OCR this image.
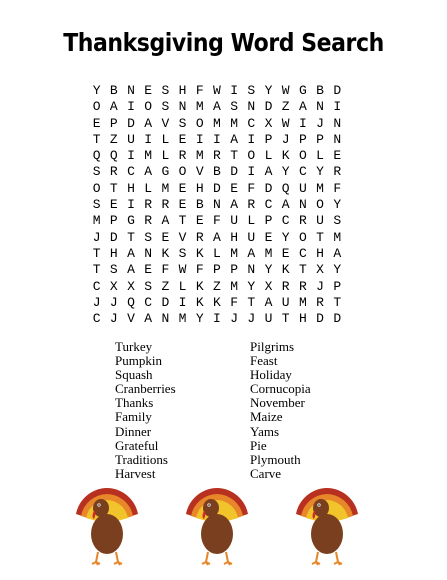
Thanksgiving Word Search
Y B N E S H F W I S Y W G B D
O A I O S N M A S N D Z A N I
E P D A V S O M M C X W I J N
T Z U I L E I I A I P J P P N
Q Q I M L R M R T O L K O L E
S R C A G O V B D I A Y C Y R
O T H L M E H D E F D Q U M F
S E I R R E B N A R C A N O Y
M P G R A T E F U L P C R U S
J D T S E V R A H U E Y O T M
T H A N K S K L M A M E C H A
T S A E F W F P P N Y K T X Y
C X X S Z L K Z M Y X R R J P
J J Q C D I K K F T A U M R T
C J V A N M Y I J J U T H D D
Turkey
Pumpkin
Squash
Cranberries
Thanks
Family
Dinner
Grateful
Traditions
Harvest
Pilgrims
Feast
Holiday
Cornucopia
November
Maize
Yams
Pie
Plymouth
Carve
